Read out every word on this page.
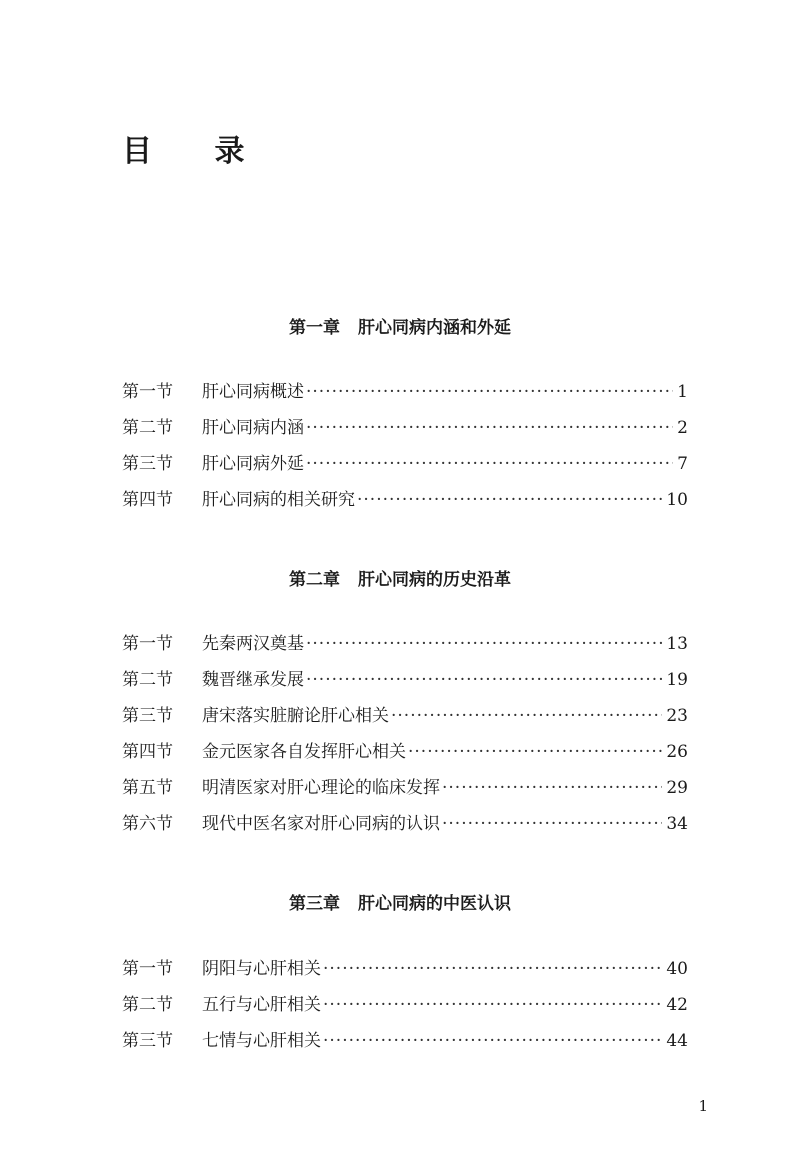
目 录
第一章 肝心同病内涵和外延
第一节	肝心同病概述 ·····	1
第二节	肝心同病内涵 ·····	2
第三节	肝心同病外延 ·····	7
第四节	肝心同病的相关研究 ·····	10
第二章 肝心同病的历史沿革
第一节	先秦两汉奠基 ·····	13
第二节	魏晋继承发展 ·····	19
第三节	唐宋落实脏腑论肝心相关 ·····	23
第四节	金元医家各自发挥肝心相关 ·····	26
第五节	明清医家对肝心理论的临床发挥 ·····	29
第六节	现代中医名家对肝心同病的认识 ·····	34
第三章 肝心同病的中医认识
第一节	阴阳与心肝相关 ·····	40
第二节	五行与心肝相关 ·····	42
第三节	七情与心肝相关 ·····	44
1
